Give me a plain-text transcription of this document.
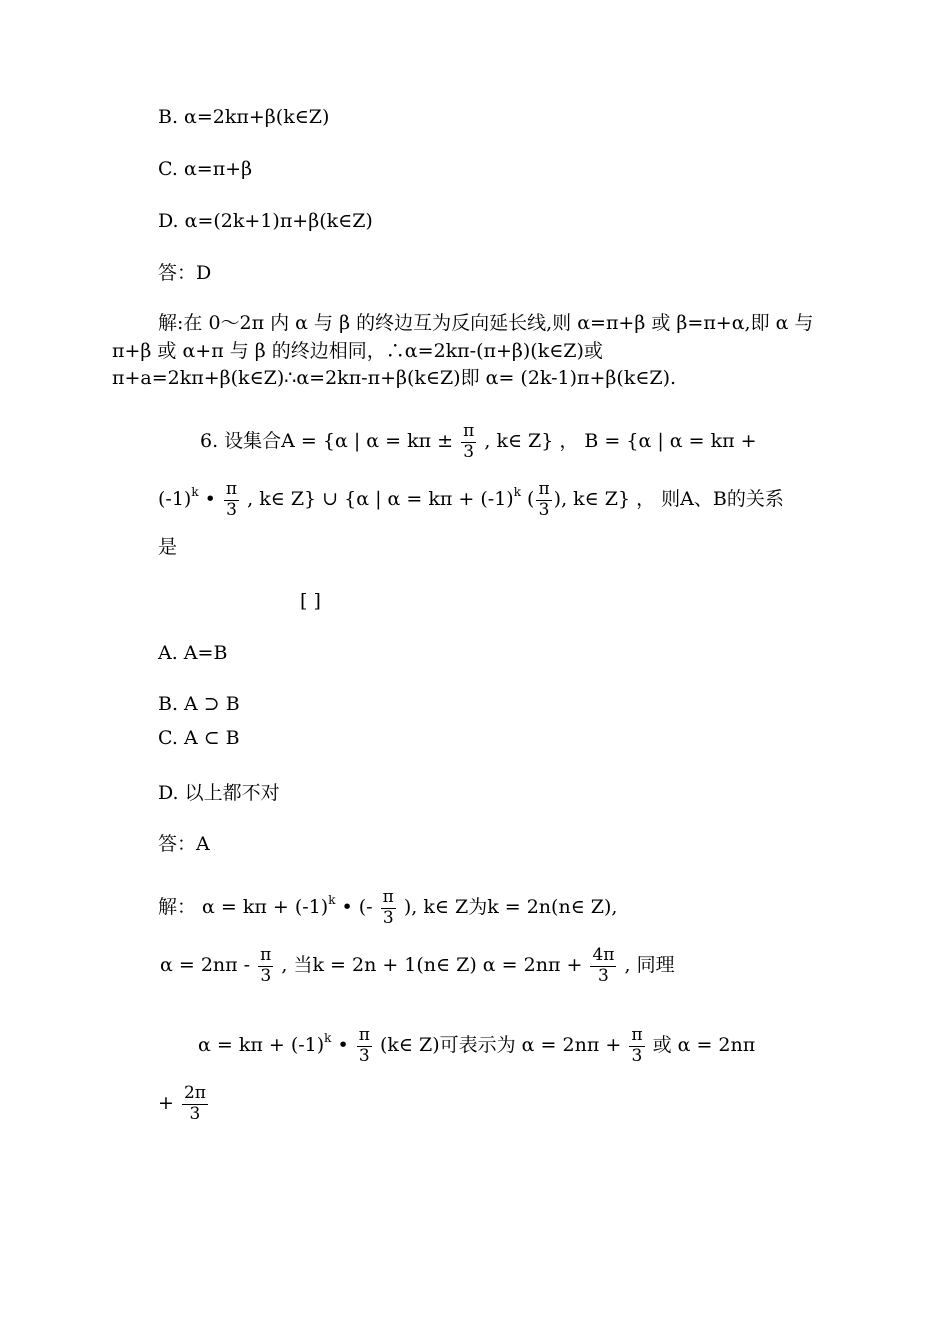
B. α=2kπ+β(k∈Z)
C. α=π+β
D. α=(2k+1)π+β(k∈Z)
答：D
解:在 0～2π 内 α 与 β 的终边互为反向延长线,则 α=π+β 或 β=π+α,即 α 与
π+β 或 α+π 与 β 的终边相同，∴α=2kπ-(π+β)(k∈Z)或
π+a=2kπ+β(k∈Z)∴α=2kπ-π+β(k∈Z)即 α= (2k-1)π+β(k∈Z).
6. 设集合A = {α | $\alpha = k\pi \pm \frac{\pi}{3}$ , k∈ Z} ， B = {α | α = kπ +
$(-1)^k$ • $\frac{\pi}{3}$ , k∈ Z} ∪ {α | $\alpha = k\pi + (-1)^k$ ( $\frac{\pi}{3}$ ), k∈ Z} ， 则A、B的关系
是
[ ]
A. A=B
B. A ⊃ B
C. A ⊂ B
D. 以上都不对
答：A
解： $\alpha = k\pi + (-1)^k$ • (- $\frac{\pi}{3}$ ), k∈ Z为k = 2n(n∈ Z),
$\alpha = 2n\pi - \frac{\pi}{3}$ , 当k = 2n + 1(n∈ Z) $\alpha = 2n\pi + \frac{4\pi}{3}$ , 同理
$\alpha = k\pi + (-1)^k$ • $\frac{\pi}{3}$ (k∈ Z)可表示为 $\alpha = 2n\pi + \frac{\pi}{3}$ 或 α = 2nπ
+ $\frac{2\pi}{3}$
